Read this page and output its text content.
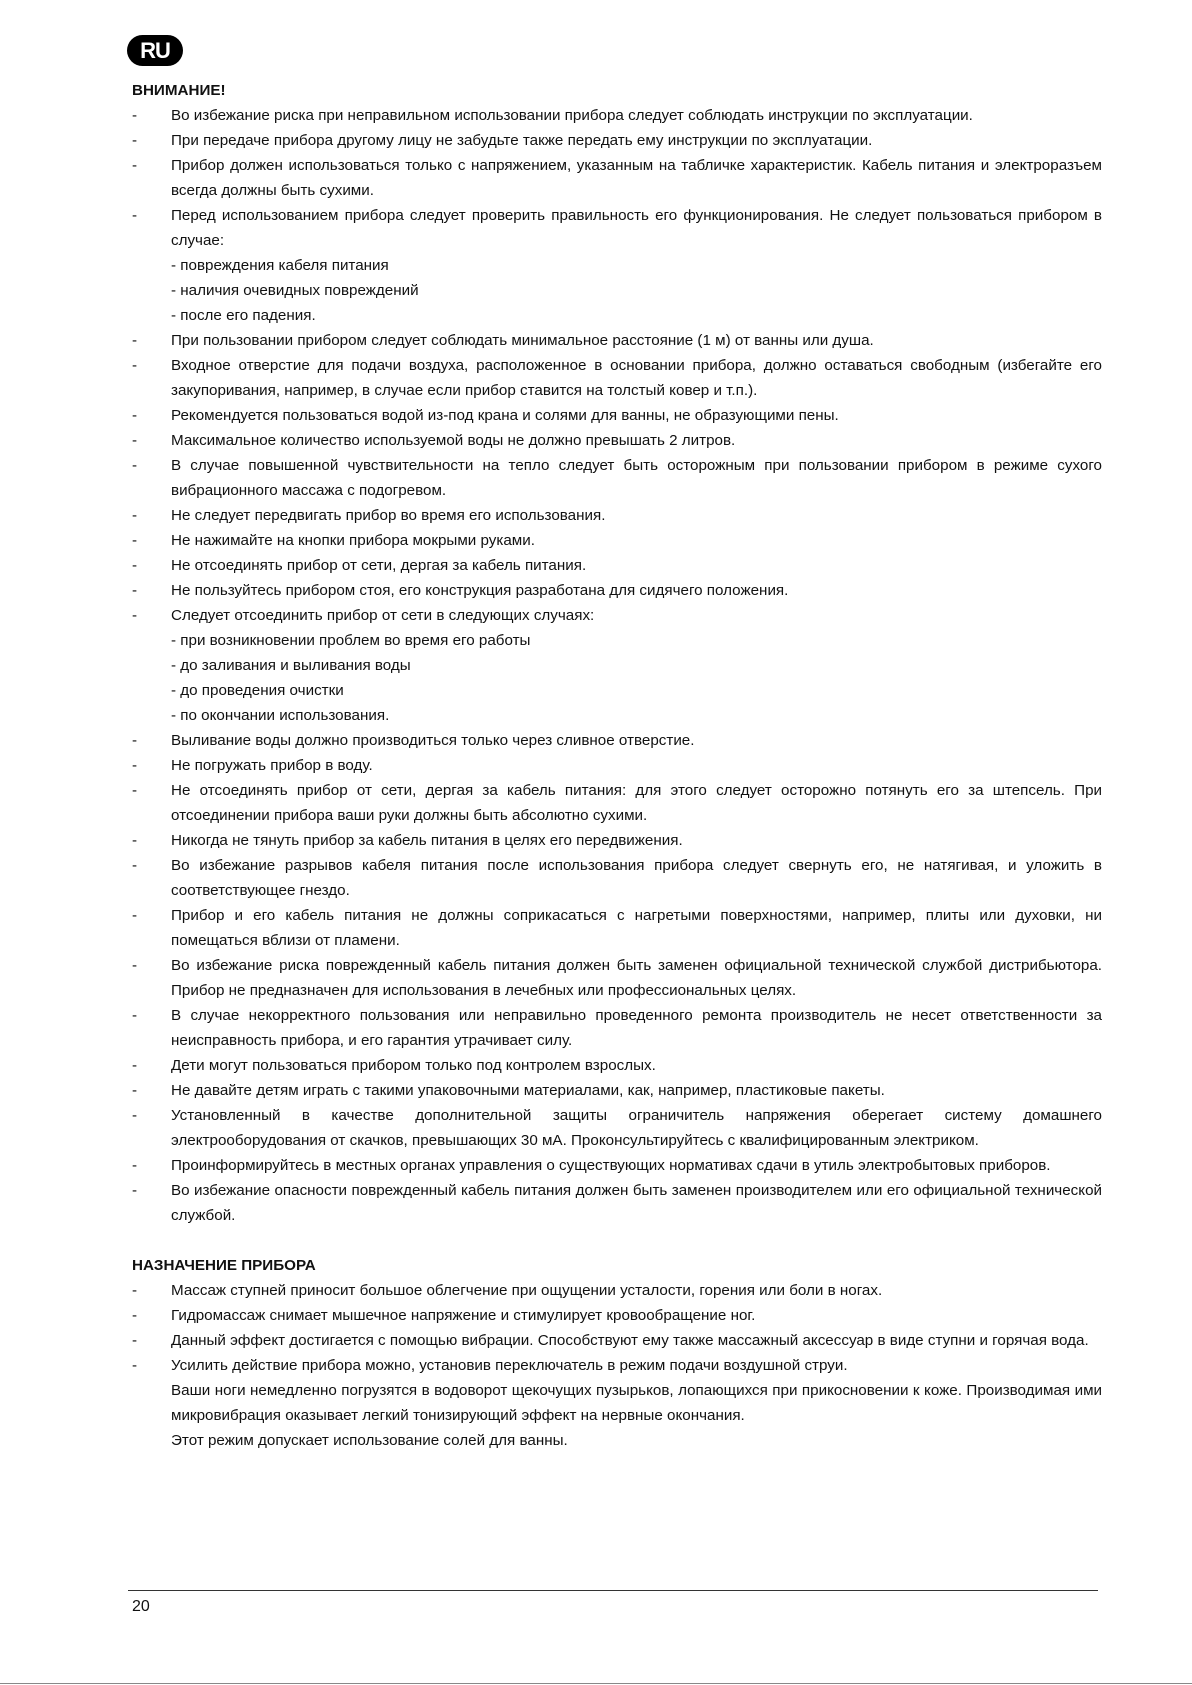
RU
ВНИМАНИЕ!
- Во избежание риска при неправильном использовании прибора следует соблюдать инструкции по эксплуатации.
- При передаче прибора другому лицу не забудьте также передать ему инструкции по эксплуатации.
- Прибор должен использоваться только с напряжением, указанным на табличке характеристик. Кабель питания и электроразъем всегда должны быть сухими.
- Перед использованием прибора следует проверить правильность его функционирования. Не следует пользоваться прибором в случае:
- повреждения кабеля питания
- наличия очевидных повреждений
- после его падения.
- При пользовании прибором следует соблюдать минимальное расстояние (1 м) от ванны или душа.
- Входное отверстие для подачи воздуха, расположенное в основании прибора, должно оставаться свободным (избегайте его закупоривания, например, в случае если прибор ставится на толстый ковер и т.п.).
- Рекомендуется пользоваться водой из-под крана и солями для ванны, не образующими пены.
- Максимальное количество используемой воды не должно превышать 2 литров.
- В случае повышенной чувствительности на тепло следует быть осторожным при пользовании прибором в режиме сухого вибрационного массажа с подогревом.
- Не следует передвигать прибор во время его использования.
- Не нажимайте на кнопки прибора мокрыми руками.
- Не отсоединять прибор от сети, дергая за кабель питания.
- Не пользуйтесь прибором стоя, его конструкция разработана для сидячего положения.
- Следует отсоединить прибор от сети в следующих случаях:
- при возникновении проблем во время его работы
- до заливания и выливания воды
- до проведения очистки
- по окончании использования.
- Выливание воды должно производиться только через сливное отверстие.
- Не погружать прибор в воду.
- Не отсоединять прибор от сети, дергая за кабель питания: для этого следует осторожно потянуть его за штепсель. При отсоединении прибора ваши руки должны быть абсолютно сухими.
- Никогда не тянуть прибор за кабель питания в целях его передвижения.
- Во избежание разрывов кабеля питания после использования прибора следует свернуть его, не натягивая, и уложить в соответствующее гнездо.
- Прибор и его кабель питания не должны соприкасаться с нагретыми поверхностями, например, плиты или духовки, ни помещаться вблизи от пламени.
- Во избежание риска поврежденный кабель питания должен быть заменен официальной технической службой дистрибьютора. Прибор не предназначен для использования в лечебных или профессиональных целях.
- В случае некорректного пользования или неправильно проведенного ремонта производитель не несет ответственности за неисправность прибора, и его гарантия утрачивает силу.
- Дети могут пользоваться прибором только под контролем взрослых.
- Не давайте детям играть с такими упаковочными материалами, как, например, пластиковые пакеты.
- Установленный в качестве дополнительной защиты ограничитель напряжения оберегает систему домашнего электрооборудования от скачков, превышающих 30 мА. Проконсультируйтесь с квалифицированным электриком.
- Проинформируйтесь в местных органах управления о существующих нормативах сдачи в утиль электробытовых приборов.
- Во избежание опасности поврежденный кабель питания должен быть заменен производителем или его официальной технической службой.
НАЗНАЧЕНИЕ ПРИБОРА
- Массаж ступней приносит большое облегчение при ощущении усталости, горения или боли в ногах.
- Гидромассаж снимает мышечное напряжение и стимулирует кровообращение ног.
- Данный эффект достигается с помощью вибрации. Способствуют ему также массажный аксессуар в виде ступни и горячая вода.
- Усилить действие прибора можно, установив переключатель в режим подачи воздушной струи.
Ваши ноги немедленно погрузятся в водоворот щекочущих пузырьков, лопающихся при прикосновении к коже. Производимая ими микровибрация оказывает легкий тонизирующий эффект на нервные окончания.
Этот режим допускает использование солей для ванны.
20
